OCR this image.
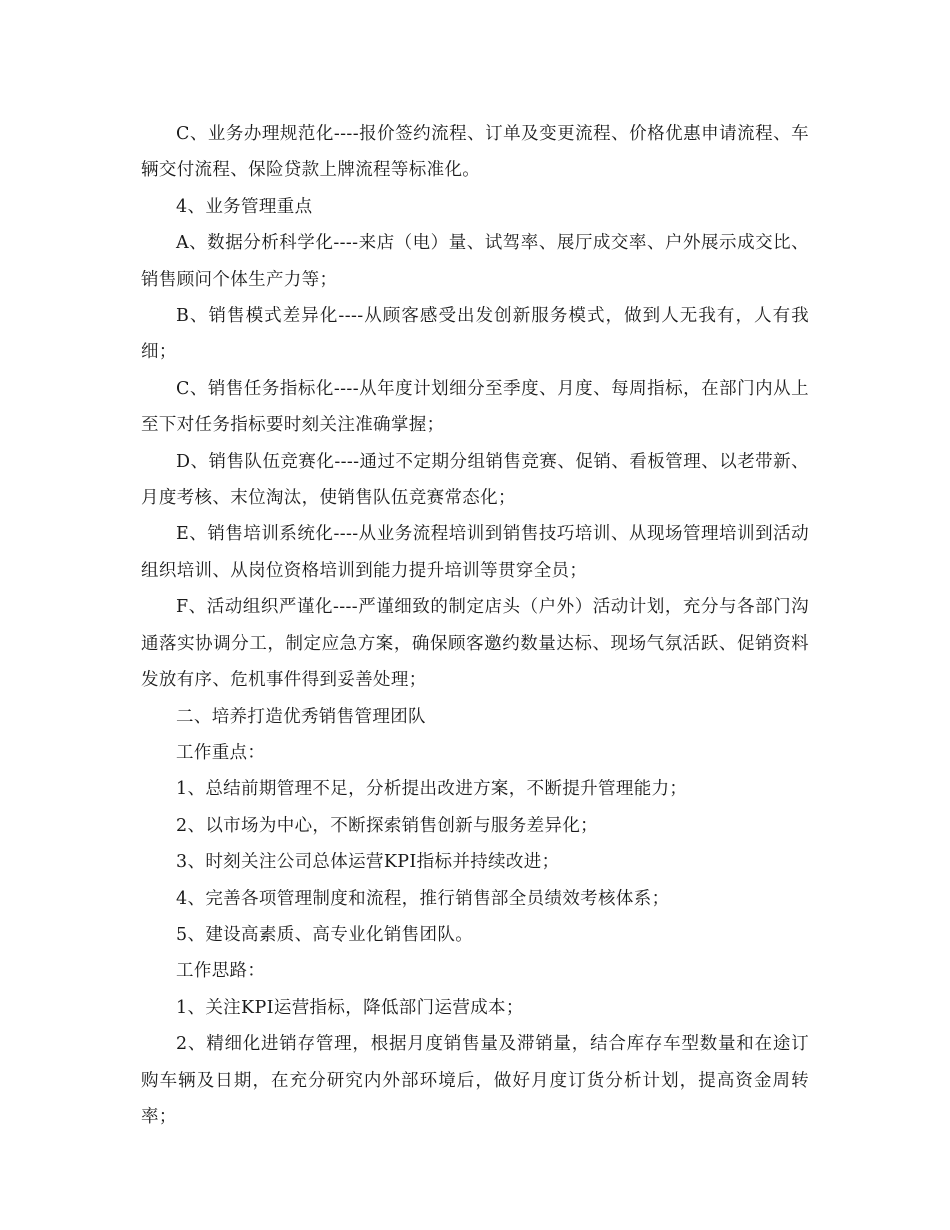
C、业务办理规范化----报价签约流程、订单及变更流程、价格优惠申请流程、车辆交付流程、保险贷款上牌流程等标准化。

4、业务管理重点

A、数据分析科学化----来店（电）量、试驾率、展厅成交率、户外展示成交比、销售顾问个体生产力等；

B、销售模式差异化----从顾客感受出发创新服务模式，做到人无我有，人有我细；

C、销售任务指标化----从年度计划细分至季度、月度、每周指标，在部门内从上至下对任务指标要时刻关注准确掌握；

D、销售队伍竞赛化----通过不定期分组销售竞赛、促销、看板管理、以老带新、月度考核、末位淘汰，使销售队伍竞赛常态化；

E、销售培训系统化----从业务流程培训到销售技巧培训、从现场管理培训到活动组织培训、从岗位资格培训到能力提升培训等贯穿全员；

F、活动组织严谨化----严谨细致的制定店头（户外）活动计划，充分与各部门沟通落实协调分工，制定应急方案，确保顾客邀约数量达标、现场气氛活跃、促销资料发放有序、危机事件得到妥善处理；

二、培养打造优秀销售管理团队

工作重点：

1、总结前期管理不足，分析提出改进方案，不断提升管理能力；

2、以市场为中心，不断探索销售创新与服务差异化；

3、时刻关注公司总体运营KPI指标并持续改进；

4、完善各项管理制度和流程，推行销售部全员绩效考核体系；

5、建设高素质、高专业化销售团队。

工作思路：

1、关注KPI运营指标，降低部门运营成本；

2、精细化进销存管理，根据月度销售量及滞销量，结合库存车型数量和在途订购车辆及日期，在充分研究内外部环境后，做好月度订货分析计划，提高资金周转率；
